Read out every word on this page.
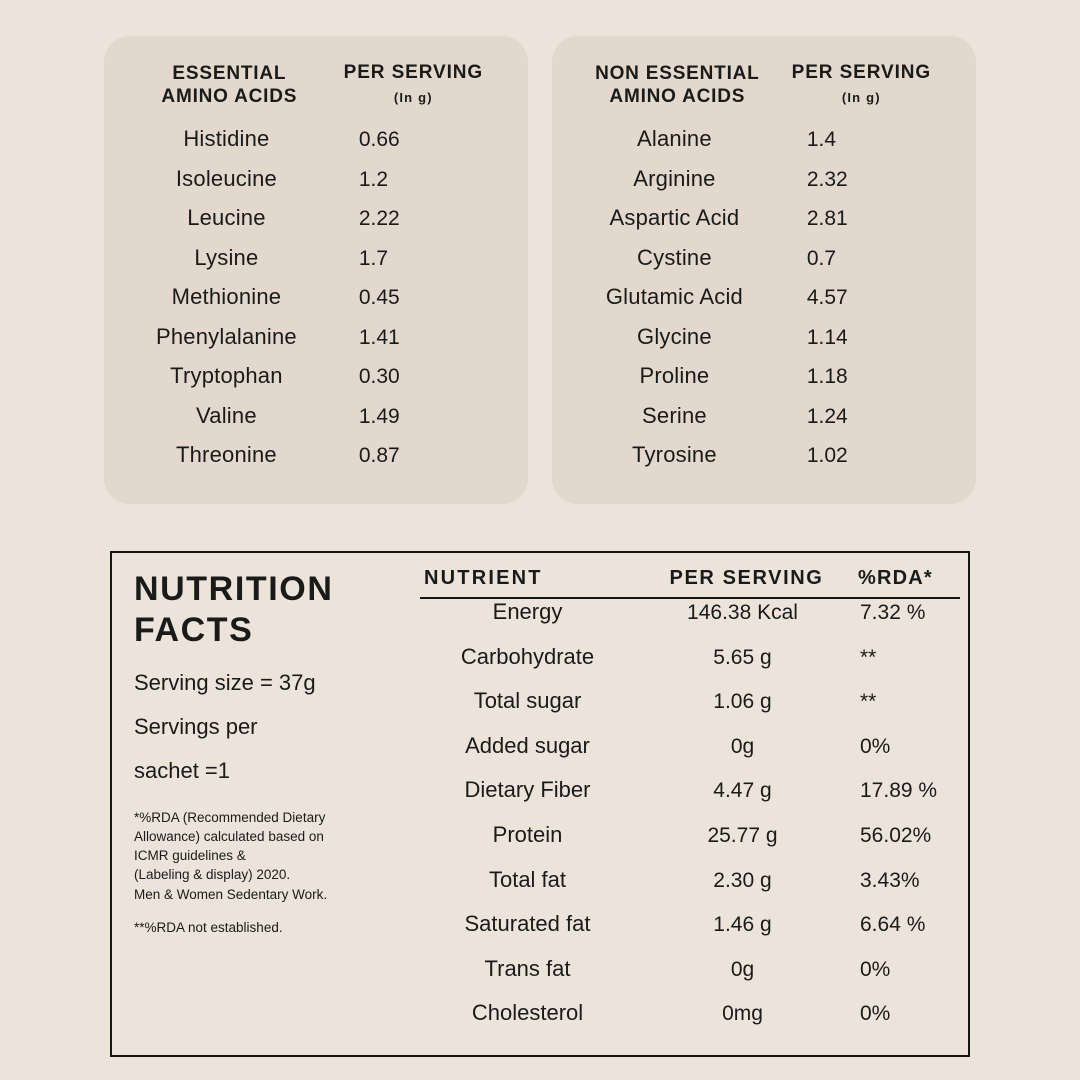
ESSENTIAL
AMINO ACIDS
PER SERVING
(In g)
Histidine	0.66
Isoleucine	1.2
Leucine	2.22
Lysine	1.7
Methionine	0.45
Phenylalanine	1.41
Tryptophan	0.30
Valine	1.49
Threonine	0.87
NON ESSENTIAL
AMINO ACIDS
PER SERVING
(In g)
Alanine	1.4
Arginine	2.32
Aspartic Acid	2.81
Cystine	0.7
Glutamic Acid	4.57
Glycine	1.14
Proline	1.18
Serine	1.24
Tyrosine	1.02
NUTRITION
FACTS
Serving size = 37g
Servings per
sachet =1
*%RDA (Recommended Dietary
Allowance) calculated based on
ICMR guidelines &
(Labeling & display) 2020.
Men & Women Sedentary Work.
**%RDA not established.
NUTRIENT	PER SERVING	%RDA*
Energy	146.38 Kcal	7.32 %
Carbohydrate	5.65 g	**
Total sugar	1.06 g	**
Added sugar	0g	0%
Dietary Fiber	4.47 g	17.89 %
Protein	25.77 g	56.02%
Total fat	2.30 g	3.43%
Saturated fat	1.46 g	6.64 %
Trans fat	0g	0%
Cholesterol	0mg	0%
